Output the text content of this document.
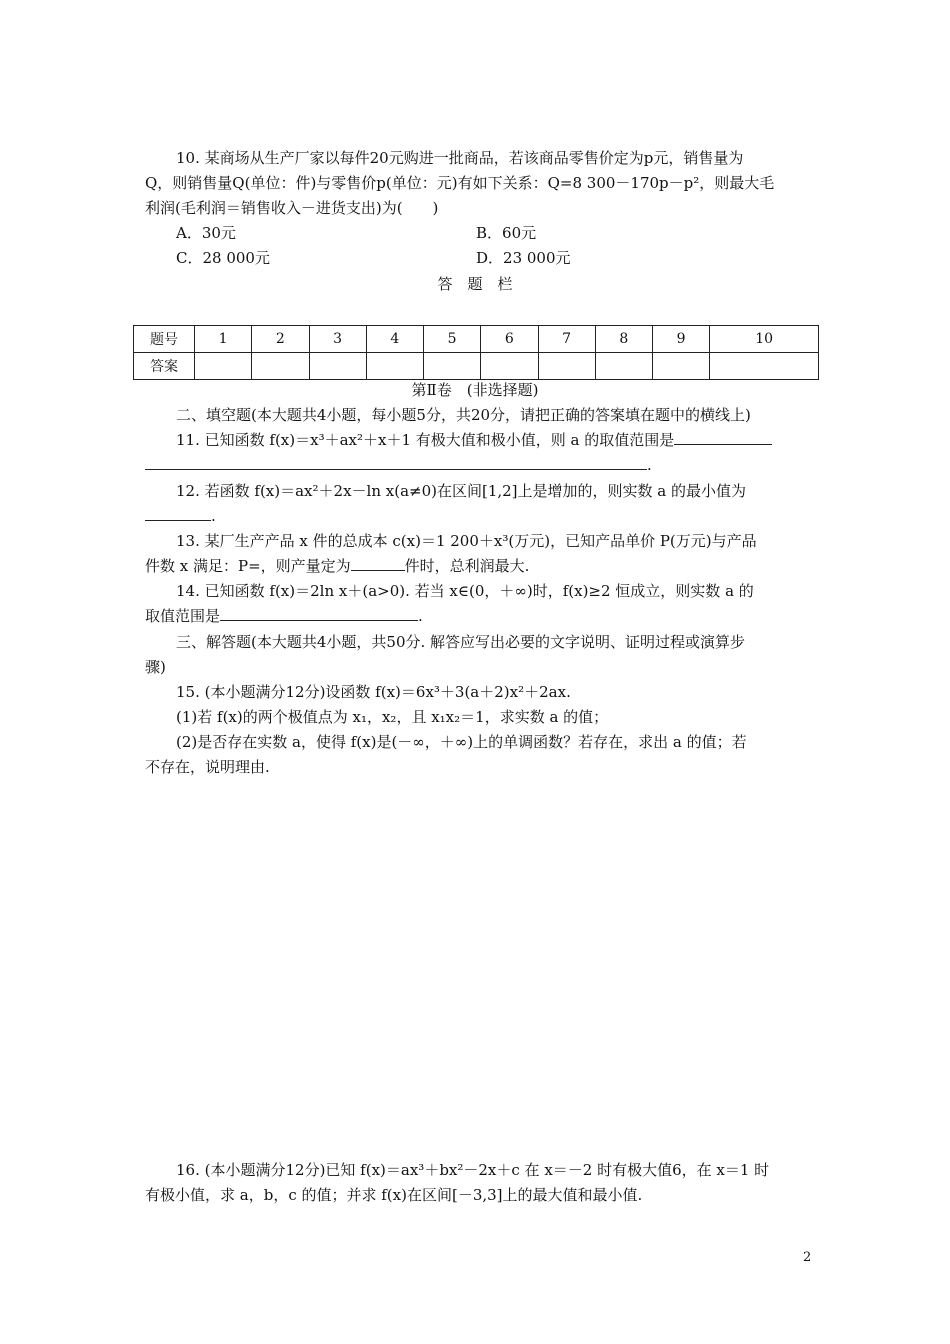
10. 某商场从生产厂家以每件20元购进一批商品，若该商品零售价定为p元，销售量为
Q，则销售量Q(单位：件)与零售价p(单位：元)有如下关系：Q=8 300－170p－p²，则最大毛
利润(毛利润＝销售收入－进货支出)为(　　)
A．30元	B．60元
C．28 000元	D．23 000元
答　题　栏
题号	1	2	3	4	5	6	7	8	9	10
答案										
第Ⅱ卷　(非选择题)
二、填空题(本大题共4小题，每小题5分，共20分，请把正确的答案填在题中的横线上)
11. 已知函数 f(x)＝x³＋ax²＋x＋1 有极大值和极小值，则 a 的取值范围是
.
12. 若函数 f(x)＝ax²＋2x－ln x(a≠0)在区间[1,2]上是增加的，则实数 a 的最小值为
.
13. 某厂生产产品 x 件的总成本 c(x)＝1 200＋x³(万元)，已知产品单价 P(万元)与产品
件数 x 满足：P=，则产量定为	件时，总利润最大.
14. 已知函数 f(x)＝2ln x＋(a>0). 若当 x∈(0，＋∞)时，f(x)≥2 恒成立，则实数 a 的
取值范围是	.
三、解答题(本大题共4小题，共50分. 解答应写出必要的文字说明、证明过程或演算步
骤)
15. (本小题满分12分)设函数 f(x)＝6x³＋3(a＋2)x²＋2ax.
(1)若 f(x)的两个极值点为 x₁，x₂，且 x₁x₂＝1，求实数 a 的值；
(2)是否存在实数 a，使得 f(x)是(－∞，＋∞)上的单调函数？若存在，求出 a 的值；若
不存在，说明理由.
16. (本小题满分12分)已知 f(x)＝ax³＋bx²－2x＋c 在 x＝－2 时有极大值6，在 x＝1 时
有极小值，求 a，b，c 的值；并求 f(x)在区间[－3,3]上的最大值和最小值.
2
